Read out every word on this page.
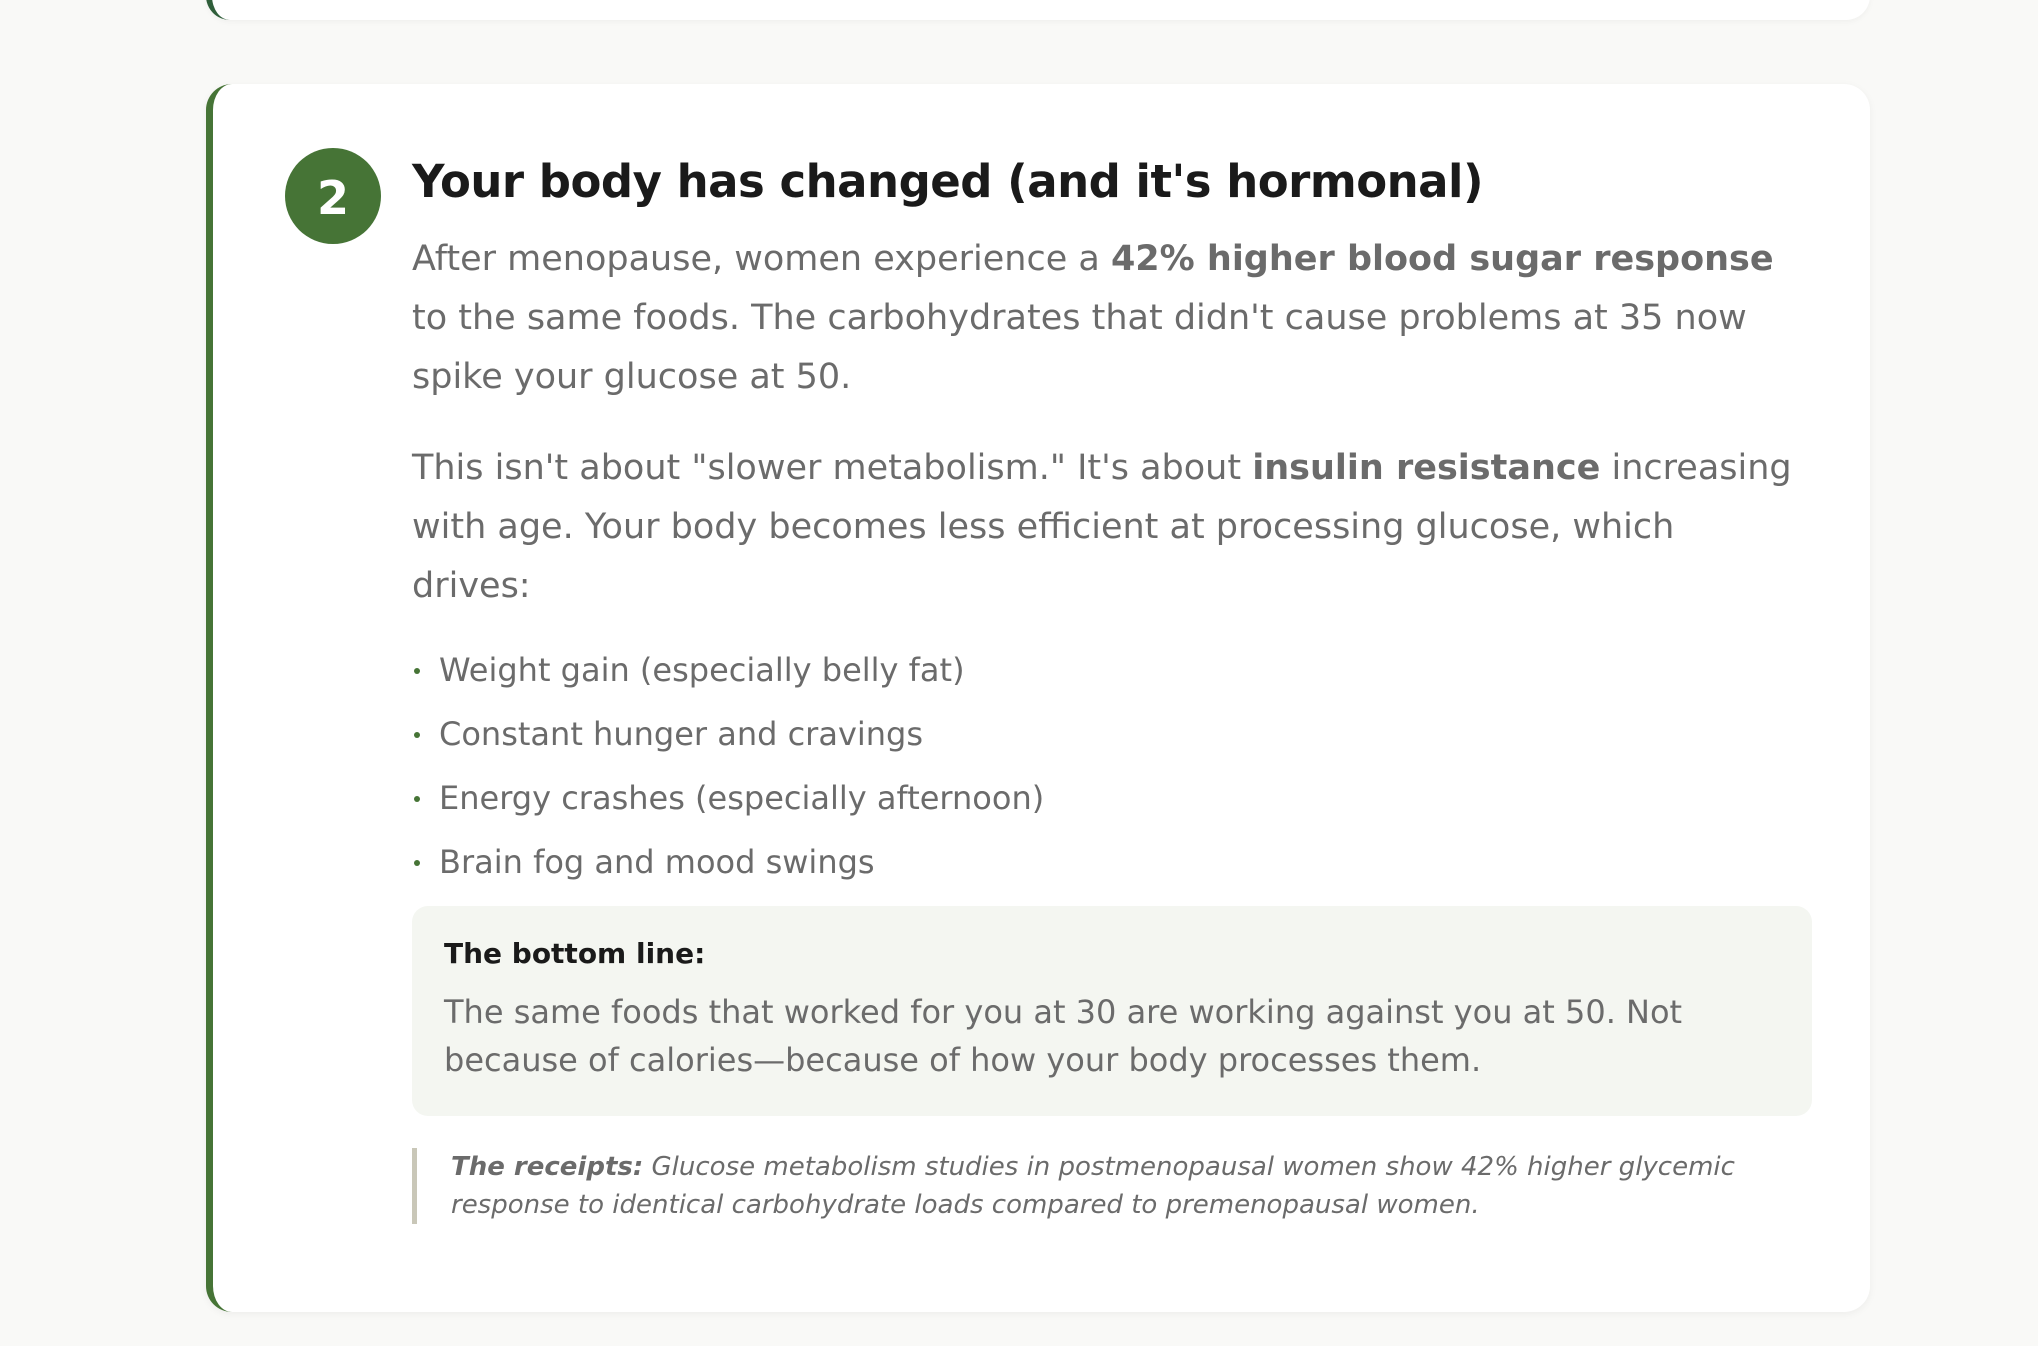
2	Your body has changed (and it's hormonal)

After menopause, women experience a 42% higher blood sugar response to the same foods. The carbohydrates that didn't cause problems at 35 now spike your glucose at 50.

This isn't about "slower metabolism." It's about insulin resistance increasing with age. Your body becomes less efficient at processing glucose, which drives:

Weight gain (especially belly fat)
Constant hunger and cravings
Energy crashes (especially afternoon)
Brain fog and mood swings
The bottom line:
The same foods that worked for you at 30 are working against you at 50. Not because of calories—because of how your body processes them.
The receipts: Glucose metabolism studies in postmenopausal women show 42% higher glycemic response to identical carbohydrate loads compared to premenopausal women.
